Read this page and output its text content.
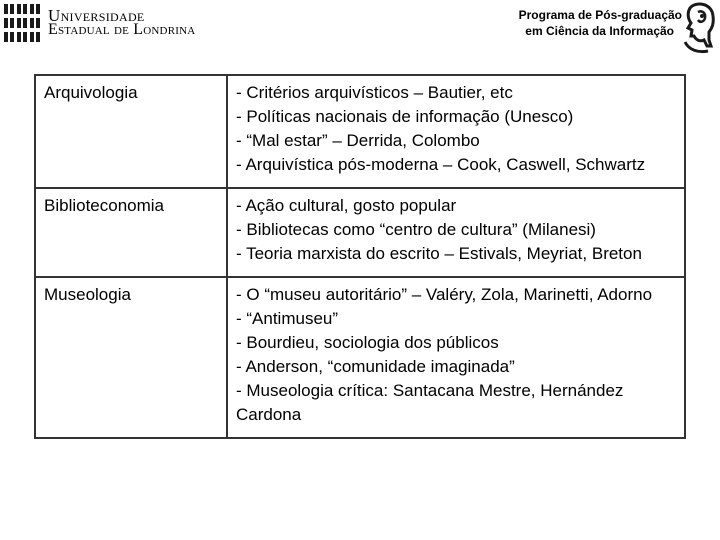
Universidade
Estadual de Londrina
Programa de Pós-graduação
em Ciência da Informação
Arquivologia	- Critérios arquivísticos – Bautier, etc
- Políticas nacionais de informação (Unesco)
- “Mal estar” – Derrida, Colombo
- Arquivística pós-moderna – Cook, Caswell, Schwartz

Biblioteconomia	- Ação cultural, gosto popular
- Bibliotecas como “centro de cultura” (Milanesi)
- Teoria marxista do escrito – Estivals, Meyriat, Breton

Museologia	- O “museu autoritário” – Valéry, Zola, Marinetti, Adorno
- “Antimuseu”
- Bourdieu, sociologia dos públicos
- Anderson, “comunidade imaginada”
- Museologia crítica: Santacana Mestre, Hernández Cardona
